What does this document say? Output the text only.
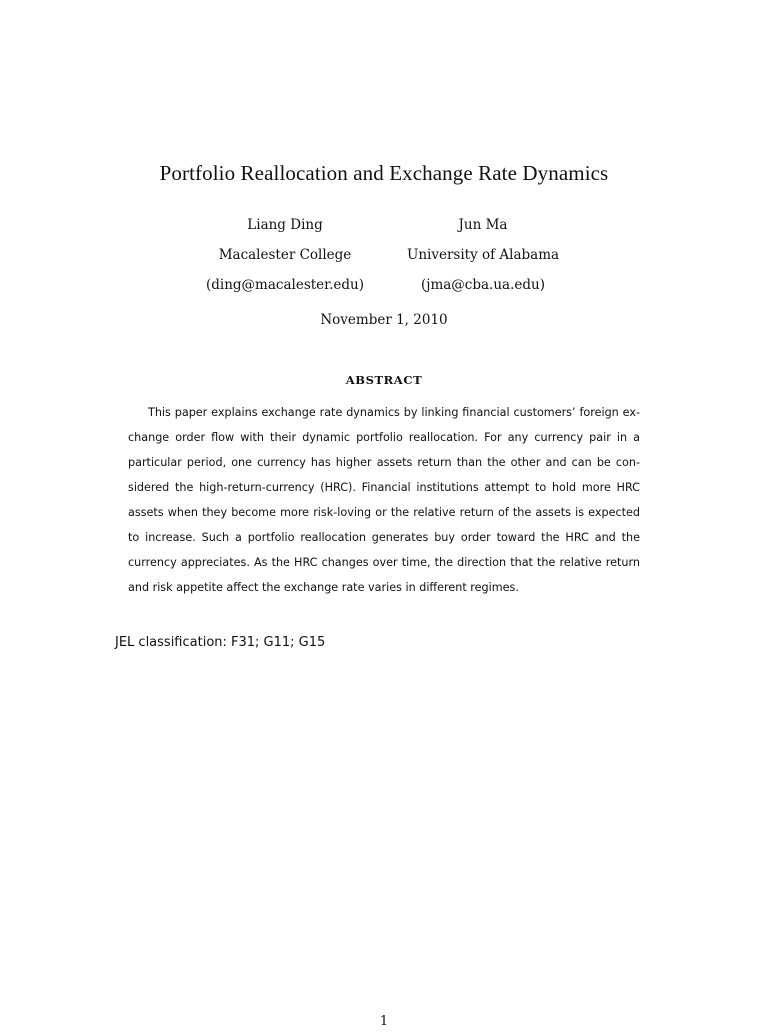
Portfolio Reallocation and Exchange Rate Dynamics
Liang Ding
Macalester College
(ding@macalester.edu)
Jun Ma
University of Alabama
(jma@cba.ua.edu)
November 1, 2010
ABSTRACT
This paper explains exchange rate dynamics by linking financial customers’ foreign ex-
change order flow with their dynamic portfolio reallocation. For any currency pair in a
particular period, one currency has higher assets return than the other and can be con-
sidered the high-return-currency (HRC). Financial institutions attempt to hold more HRC
assets when they become more risk-loving or the relative return of the assets is expected
to increase. Such a portfolio reallocation generates buy order toward the HRC and the
currency appreciates. As the HRC changes over time, the direction that the relative return
and risk appetite affect the exchange rate varies in different regimes.
JEL classification: F31; G11; G15
1
